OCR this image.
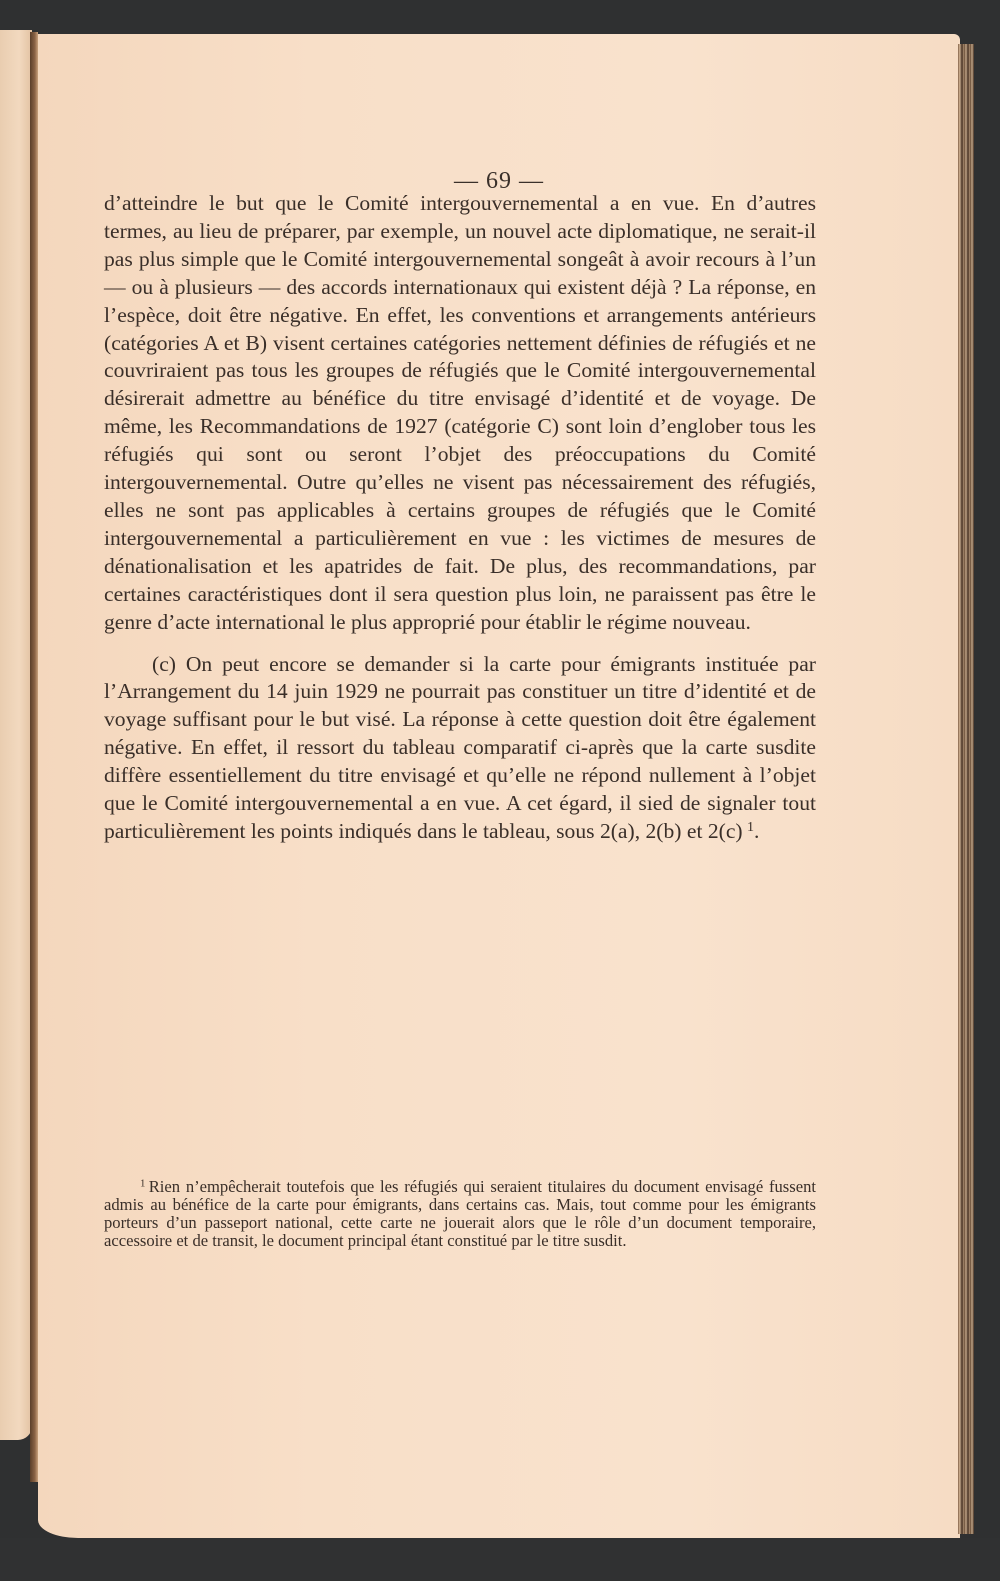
— 69 —

d’atteindre le but que le Comité intergouvernemental a en vue. En d’autres termes, au lieu de préparer, par exemple, un nouvel acte diplomatique, ne serait-il pas plus simple que le Comité intergouvernemental songeât à avoir recours à l’un — ou à plusieurs — des accords internationaux qui existent déjà ? La réponse, en l’espèce, doit être négative. En effet, les conventions et arrangements antérieurs (catégories A et B) visent certaines catégories nettement définies de réfugiés et ne couvriraient pas tous les groupes de réfugiés que le Comité intergouvernemental désirerait admettre au bénéfice du titre envisagé d’identité et de voyage. De même, les Recommandations de 1927 (catégorie C) sont loin d’englober tous les réfugiés qui sont ou seront l’objet des préoccupations du Comité intergouvernemental. Outre qu’elles ne visent pas nécessairement des réfugiés, elles ne sont pas applicables à certains groupes de réfugiés que le Comité intergouvernemental a particulièrement en vue : les victimes de mesures de dénationalisation et les apatrides de fait. De plus, des recommandations, par certaines caractéristiques dont il sera question plus loin, ne paraissent pas être le genre d’acte international le plus approprié pour établir le régime nouveau.

(c) On peut encore se demander si la carte pour émigrants instituée par l’Arrangement du 14 juin 1929 ne pourrait pas constituer un titre d’identité et de voyage suffisant pour le but visé. La réponse à cette question doit être également négative. En effet, il ressort du tableau comparatif ci-après que la carte susdite diffère essentiellement du titre envisagé et qu’elle ne répond nullement à l’objet que le Comité intergouvernemental a en vue. A cet égard, il sied de signaler tout particulièrement les points indiqués dans le tableau, sous 2(a), 2(b) et 2(c)  $^1$.

$^1$  Rien n’empêcherait toutefois que les réfugiés qui seraient titulaires du document envisagé fussent admis au bénéfice de la carte pour émigrants, dans certains cas. Mais, tout comme pour les émigrants porteurs d’un passeport national, cette carte ne jouerait alors que le rôle d’un document temporaire, accessoire et de transit, le document principal étant constitué par le titre susdit.
